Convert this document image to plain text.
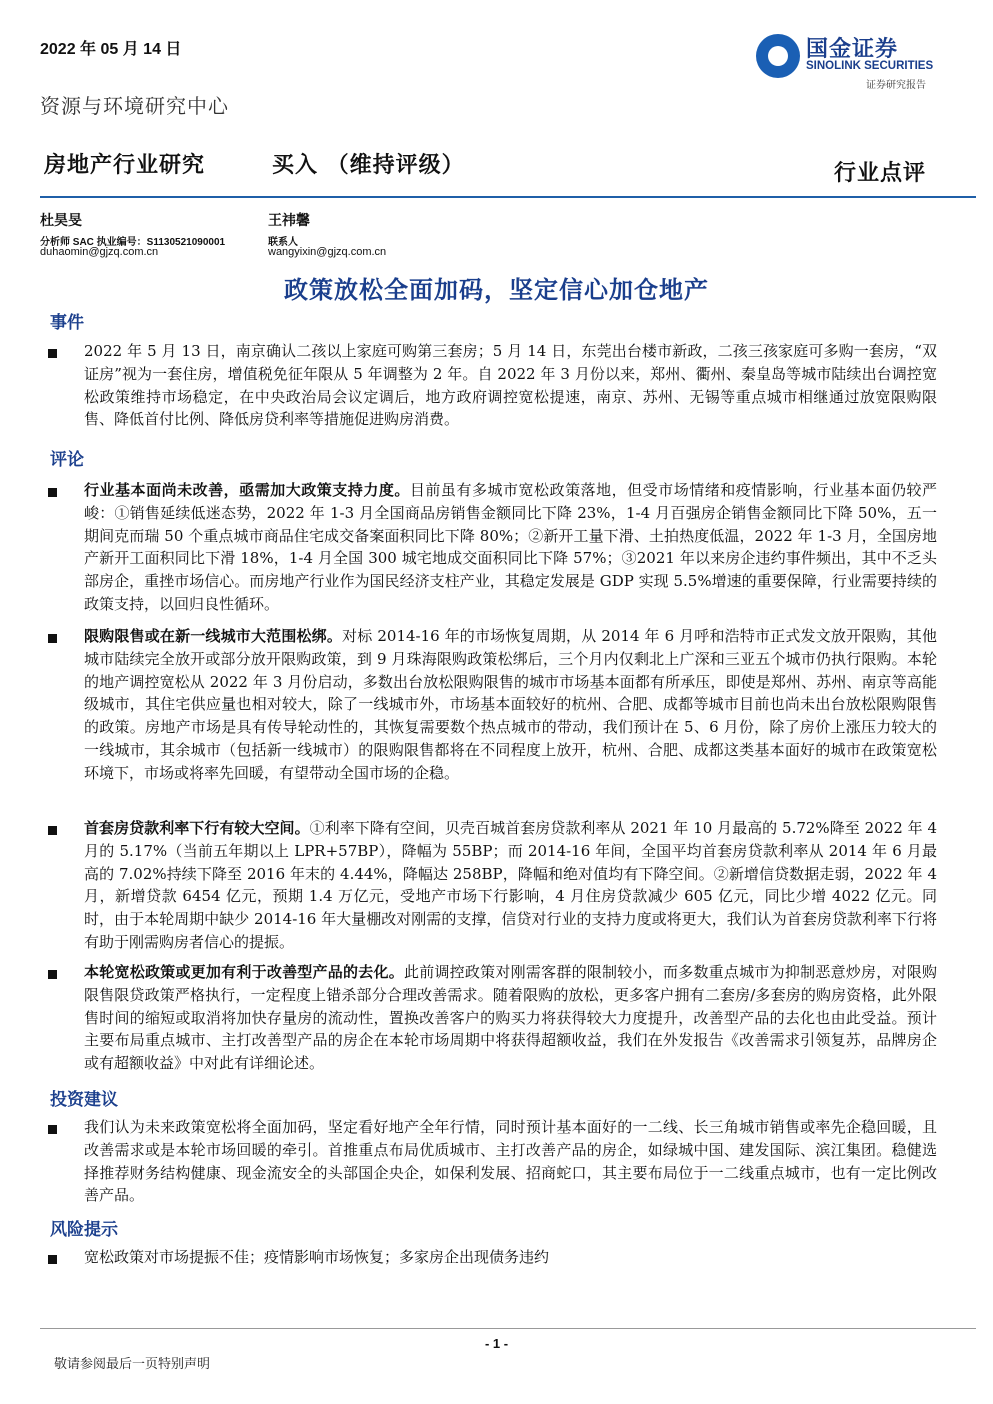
2022 年 05 月 14 日	国金证券
SINOLINK SECURITIES
证券研究报告
资源与环境研究中心
房地产行业研究	买入 （维持评级）	行业点评
杜昊旻
分析师 SAC 执业编号：S1130521090001
duhaomin@gjzq.com.cn
王祎馨
联系人
wangyixin@gjzq.com.cn
政策放松全面加码，坚定信心加仓地产
事件
2022 年 5 月 13 日，南京确认二孩以上家庭可购第三套房；5 月 14 日，东莞出台楼市新政，二孩三孩家庭可多购一套房，“双证房”视为一套住房，增值税免征年限从 5 年调整为 2 年。自 2022 年 3 月份以来，郑州、衢州、秦皇岛等城市陆续出台调控宽松政策维持市场稳定，在中央政治局会议定调后，地方政府调控宽松提速，南京、苏州、无锡等重点城市相继通过放宽限购限售、降低首付比例、降低房贷利率等措施促进购房消费。
评论
行业基本面尚未改善，亟需加大政策支持力度。目前虽有多城市宽松政策落地，但受市场情绪和疫情影响，行业基本面仍较严峻：①销售延续低迷态势，2022 年 1-3 月全国商品房销售金额同比下降 23%，1-4 月百强房企销售金额同比下降 50%，五一期间克而瑞 50 个重点城市商品住宅成交备案面积同比下降 80%；②新开工量下滑、土拍热度低温，2022 年 1-3 月，全国房地产新开工面积同比下滑 18%，1-4 月全国 300 城宅地成交面积同比下降 57%；③2021 年以来房企违约事件频出，其中不乏头部房企，重挫市场信心。而房地产行业作为国民经济支柱产业，其稳定发展是 GDP 实现 5.5%增速的重要保障，行业需要持续的政策支持，以回归良性循环。
限购限售或在新一线城市大范围松绑。对标 2014-16 年的市场恢复周期，从 2014 年 6 月呼和浩特市正式发文放开限购，其他城市陆续完全放开或部分放开限购政策，到 9 月珠海限购政策松绑后，三个月内仅剩北上广深和三亚五个城市仍执行限购。本轮的地产调控宽松从 2022 年 3 月份启动，多数出台放松限购限售的城市市场基本面都有所承压，即使是郑州、苏州、南京等高能级城市，其住宅供应量也相对较大，除了一线城市外，市场基本面较好的杭州、合肥、成都等城市目前也尚未出台放松限购限售的政策。房地产市场是具有传导轮动性的，其恢复需要数个热点城市的带动，我们预计在 5、6 月份，除了房价上涨压力较大的一线城市，其余城市（包括新一线城市）的限购限售都将在不同程度上放开，杭州、合肥、成都这类基本面好的城市在政策宽松环境下，市场或将率先回暖，有望带动全国市场的企稳。
首套房贷款利率下行有较大空间。①利率下降有空间，贝壳百城首套房贷款利率从 2021 年 10 月最高的 5.72%降至 2022 年 4 月的 5.17%（当前五年期以上 LPR+57BP），降幅为 55BP；而 2014-16 年间，全国平均首套房贷款利率从 2014 年 6 月最高的 7.02%持续下降至 2016 年末的 4.44%，降幅达 258BP，降幅和绝对值均有下降空间。②新增信贷数据走弱，2022 年 4 月，新增贷款 6454 亿元，预期 1.4 万亿元，受地产市场下行影响，4 月住房贷款减少 605 亿元，同比少增 4022 亿元。同时，由于本轮周期中缺少 2014-16 年大量棚改对刚需的支撑，信贷对行业的支持力度或将更大，我们认为首套房贷款利率下行将有助于刚需购房者信心的提振。
本轮宽松政策或更加有利于改善型产品的去化。此前调控政策对刚需客群的限制较小，而多数重点城市为抑制恶意炒房，对限购限售限贷政策严格执行，一定程度上错杀部分合理改善需求。随着限购的放松，更多客户拥有二套房/多套房的购房资格，此外限售时间的缩短或取消将加快存量房的流动性，置换改善客户的购买力将获得较大力度提升，改善型产品的去化也由此受益。预计主要布局重点城市、主打改善型产品的房企在本轮市场周期中将获得超额收益，我们在外发报告《改善需求引领复苏，品牌房企或有超额收益》中对此有详细论述。
投资建议
我们认为未来政策宽松将全面加码，坚定看好地产全年行情，同时预计基本面好的一二线、长三角城市销售或率先企稳回暖，且改善需求或是本轮市场回暖的牵引。首推重点布局优质城市、主打改善产品的房企，如绿城中国、建发国际、滨江集团。稳健选择推荐财务结构健康、现金流安全的头部国企央企，如保利发展、招商蛇口，其主要布局位于一二线重点城市，也有一定比例改善产品。
风险提示
宽松政策对市场提振不佳；疫情影响市场恢复；多家房企出现债务违约
- 1 -
敬请参阅最后一页特别声明
